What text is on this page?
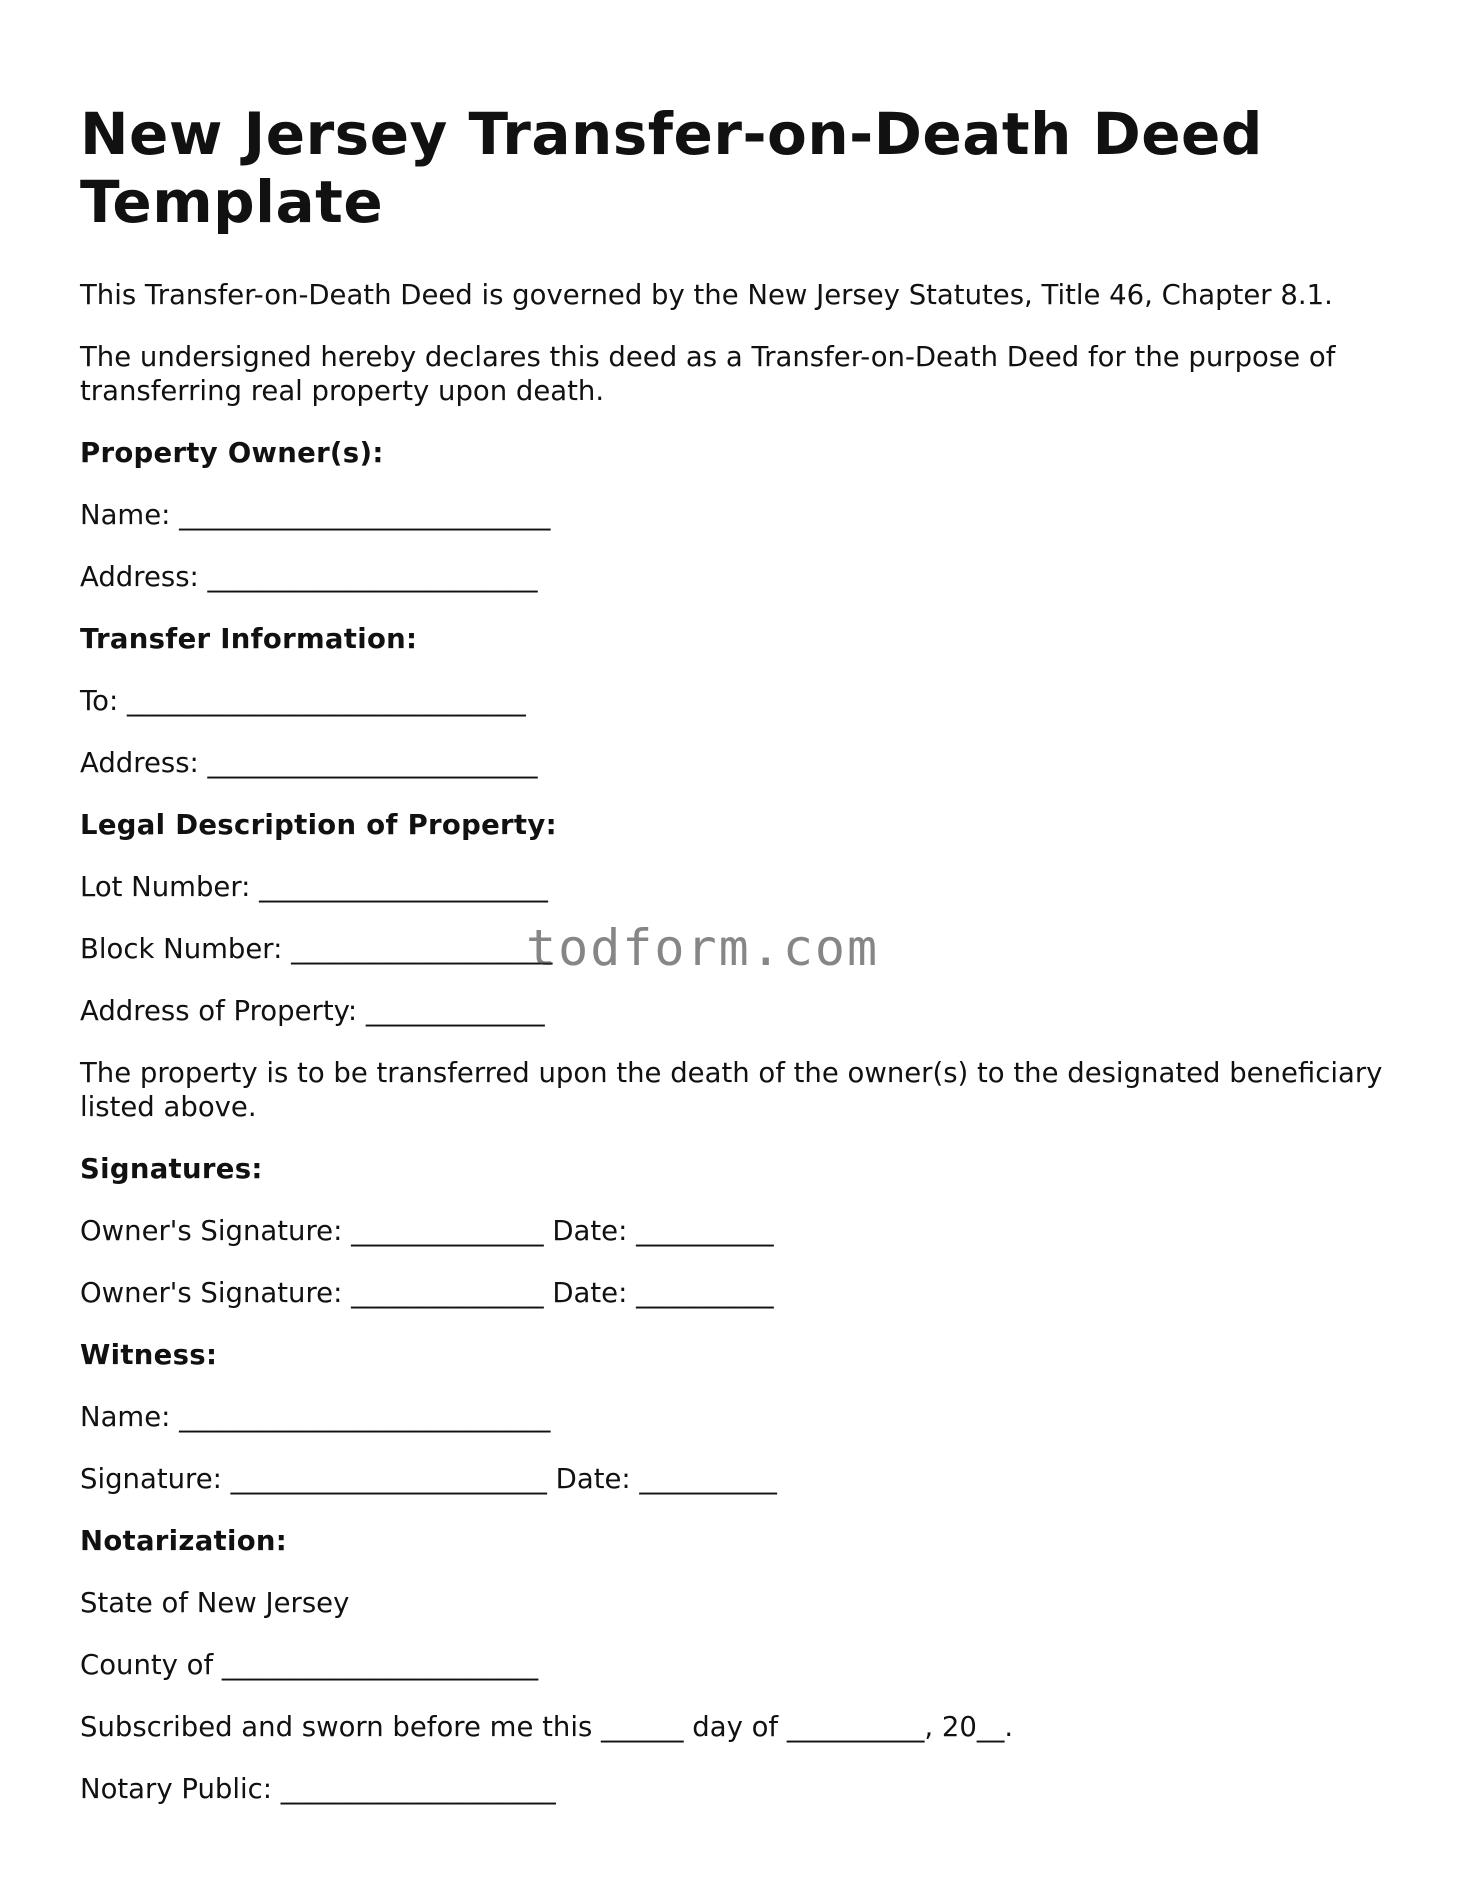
New Jersey Transfer-on-Death Deed Template

This Transfer-on-Death Deed is governed by the New Jersey Statutes, Title 46, Chapter 8.1.

The undersigned hereby declares this deed as a Transfer-on-Death Deed for the purpose of transferring real property upon death.

Property Owner(s):

Name: ___________________________

Address: ________________________

Transfer Information:

To: _____________________________

Address: ________________________

Legal Description of Property:

Lot Number: _____________________

Block Number: ___________________

Address of Property: _____________

The property is to be transferred upon the death of the owner(s) to the designated beneficiary listed above.

Signatures:

Owner's Signature: ______________ Date: __________

Owner's Signature: ______________ Date: __________

Witness:

Name: ___________________________

Signature: _______________________ Date: __________

Notarization:

State of New Jersey

County of _______________________

Subscribed and sworn before me this ______ day of __________, 20__.

Notary Public: ____________________

todform.com
